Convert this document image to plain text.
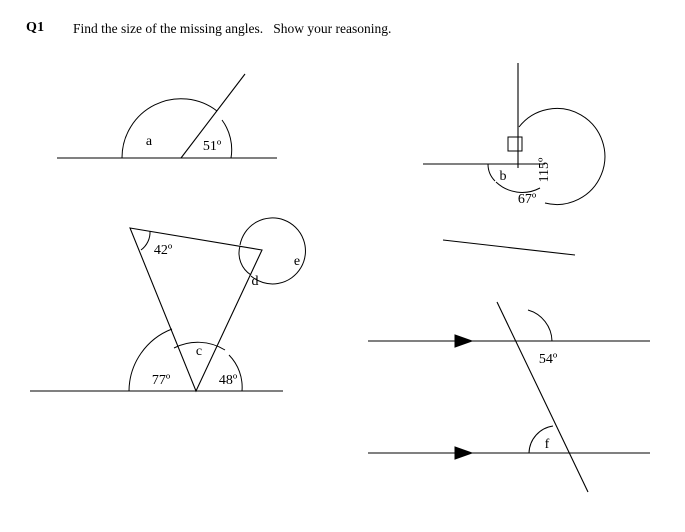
Q1 Find the size of the missing angles.   Show your reasoning.
a	51º
b
67º
115º
42º
d
e
c
77º	48º
54º
f
